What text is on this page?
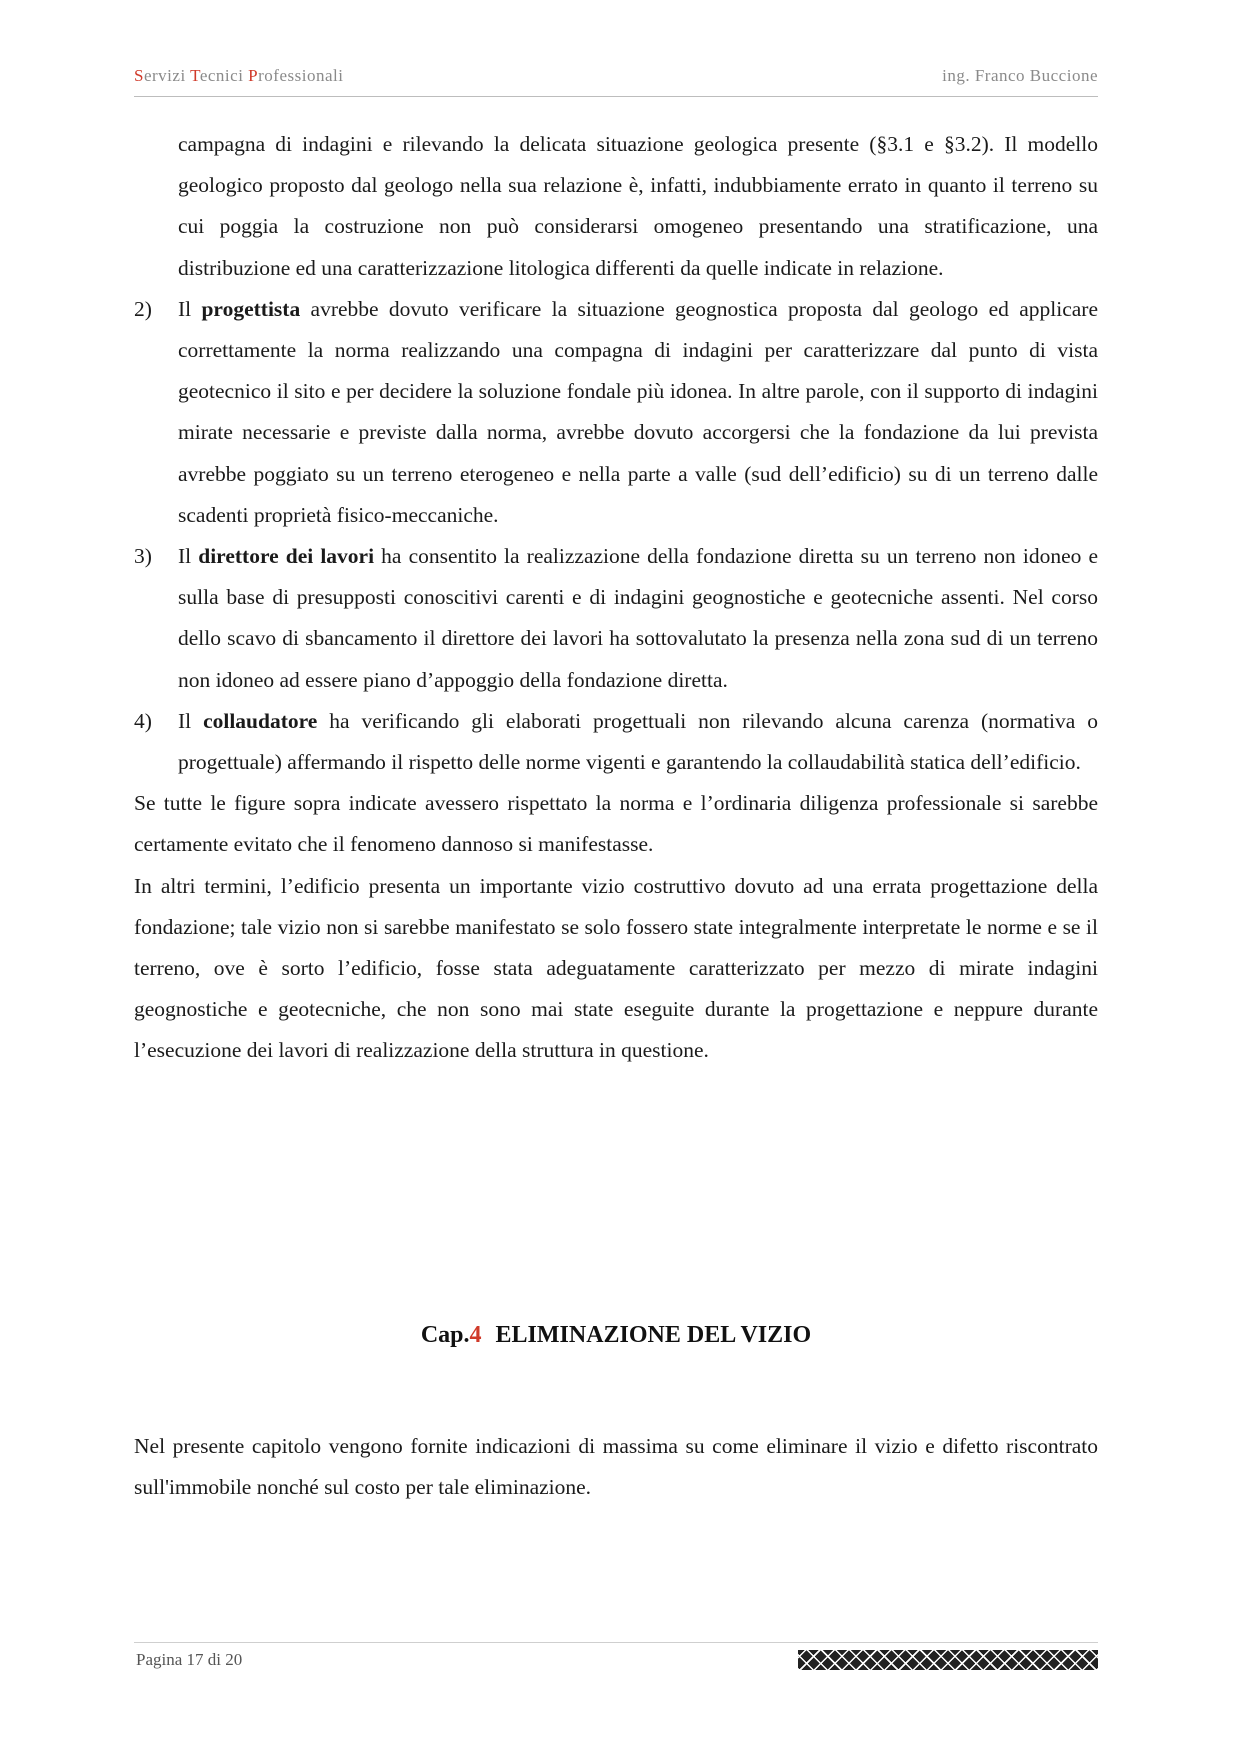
Servizi Tecnici Professionali	ing. Franco Buccione

campagna di indagini e rilevando la delicata situazione geologica presente (§3.1 e §3.2). Il modello geologico proposto dal geologo nella sua relazione è, infatti, indubbiamente errato in quanto il terreno su cui poggia la costruzione non può considerarsi omogeneo presentando una stratificazione, una distribuzione ed una caratterizzazione litologica differenti da quelle indicate in relazione.

2) Il progettista avrebbe dovuto verificare la situazione geognostica proposta dal geologo ed applicare correttamente la norma realizzando una compagna di indagini per caratterizzare dal punto di vista geotecnico il sito e per decidere la soluzione fondale più idonea. In altre parole, con il supporto di indagini mirate necessarie e previste dalla norma, avrebbe dovuto accorgersi che la fondazione da lui prevista avrebbe poggiato su un terreno eterogeneo e nella parte a valle (sud dell’edificio) su di un terreno dalle scadenti proprietà fisico-meccaniche.

3) Il direttore dei lavori ha consentito la realizzazione della fondazione diretta su un terreno non idoneo e sulla base di presupposti conoscitivi carenti e di indagini geognostiche e geotecniche assenti. Nel corso dello scavo di sbancamento il direttore dei lavori ha sottovalutato la presenza nella zona sud di un terreno non idoneo ad essere piano d’appoggio della fondazione diretta.

4) Il collaudatore ha verificando gli elaborati progettuali non rilevando alcuna carenza (normativa o progettuale) affermando il rispetto delle norme vigenti e garantendo la collaudabilità statica dell’edificio.

Se tutte le figure sopra indicate avessero rispettato la norma e l’ordinaria diligenza professionale si sarebbe certamente evitato che il fenomeno dannoso si manifestasse.

In altri termini, l’edificio presenta un importante vizio costruttivo dovuto ad una errata progettazione della fondazione; tale vizio non si sarebbe manifestato se solo fossero state integralmente interpretate le norme e se il terreno, ove è sorto l’edificio, fosse stata adeguatamente caratterizzato per mezzo di mirate indagini geognostiche e geotecniche, che non sono mai state eseguite durante la progettazione e neppure durante l’esecuzione dei lavori di realizzazione della struttura in questione.

Cap.4 ELIMINAZIONE DEL VIZIO

Nel presente capitolo vengono fornite indicazioni di massima su come eliminare il vizio e difetto riscontrato sull'immobile nonché sul costo per tale eliminazione.

Pagina 17 di 20
